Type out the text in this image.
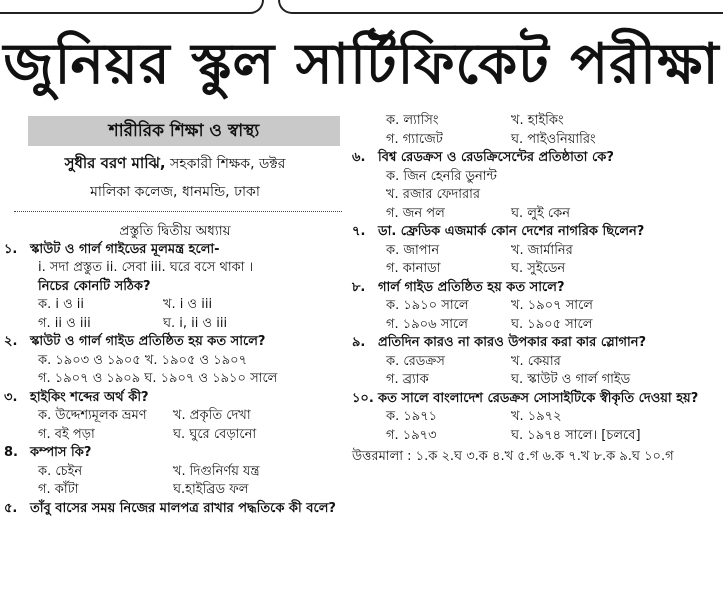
জুনিয়র স্কুল সার্টিফিকেট পরীক্ষা
শারীরিক শিক্ষা ও স্বাস্থ্য
সুধীর বরণ মাঝি, সহকারী শিক্ষক, ডক্টর
মালিকা কলেজ, ধানমন্ডি, ঢাকা
প্রস্তুতি দ্বিতীয় অধ্যায়
১. স্কাউট ও গার্ল গাইডের মূলমন্ত্র হলো-
i. সদা প্রস্তুত ii. সেবা iii. ঘরে বসে থাকা ।
নিচের কোনটি সঠিক?
ক. i ও ii	খ. i ও iii
গ. ii ও iii	ঘ. i, ii ও iii
২. স্কাউট ও গার্ল গাইড প্রতিষ্ঠিত হয় কত সালে?
ক. ১৯০৩ ও ১৯০৫ খ. ১৯০৫ ও ১৯০৭
গ. ১৯০৭ ও ১৯০৯ ঘ. ১৯০৭ ও ১৯১০ সালে
৩. হাইকিং শব্দের অর্থ কী?
ক. উদ্দেশ্যমূলক ভ্রমণ	খ. প্রকৃতি দেখা
গ. বই পড়া	ঘ. ঘুরে বেড়ানো
8. কম্পাস কি?
ক. চেইন	খ. দিগুনির্ণয় যন্ত্র
গ. কাঁটা	ঘ.হাইব্রিড ফল
৫. তাঁবু বাসের সময় নিজের মালপত্র রাখার পদ্ধতিকে কী বলে?
ক. ল্যাসিং	খ. হাইকিং
গ. গ্যাজেট	ঘ. পাইওনিয়ারিং
৬. বিশ্ব রেডক্রস ও রেডক্রিসেন্টের প্রতিষ্ঠাতা কে?
ক. জিন হেনরি ডুনান্ট
খ. রজার ফেদারার
গ. জন পল	ঘ. লুই কেন
৭. ডা. ফ্রেডিক এজমার্ক কোন দেশের নাগরিক ছিলেন?
ক. জাপান	খ. জার্মানির
গ. কানাডা	ঘ. সুইডেন
৮. গার্ল গাইড প্রতিষ্ঠিত হয় কত সালে?
ক. ১৯১০ সালে	খ. ১৯০৭ সালে
গ. ১৯০৬ সালে	ঘ. ১৯০৫ সালে
৯. প্রতিদিন কারও না কারও উপকার করা কার স্লোগান?
ক. রেডক্রস	খ. কেয়ার
গ. ব্র্যাক	ঘ. স্কাউট ও গার্ল গাইড
১০. কত সালে বাংলাদেশ রেডক্রস সোসাইটিকে স্বীকৃতি দেওয়া হয়?
ক. ১৯৭১	খ. ১৯৭২
গ. ১৯৭৩	ঘ. ১৯৭৪ সালে। [চলবে]
উত্তরমালা : ১.ক ২.ঘ ৩.ক ৪.খ ৫.গ ৬.ক ৭.খ ৮.ক ৯.ঘ ১০.গ
